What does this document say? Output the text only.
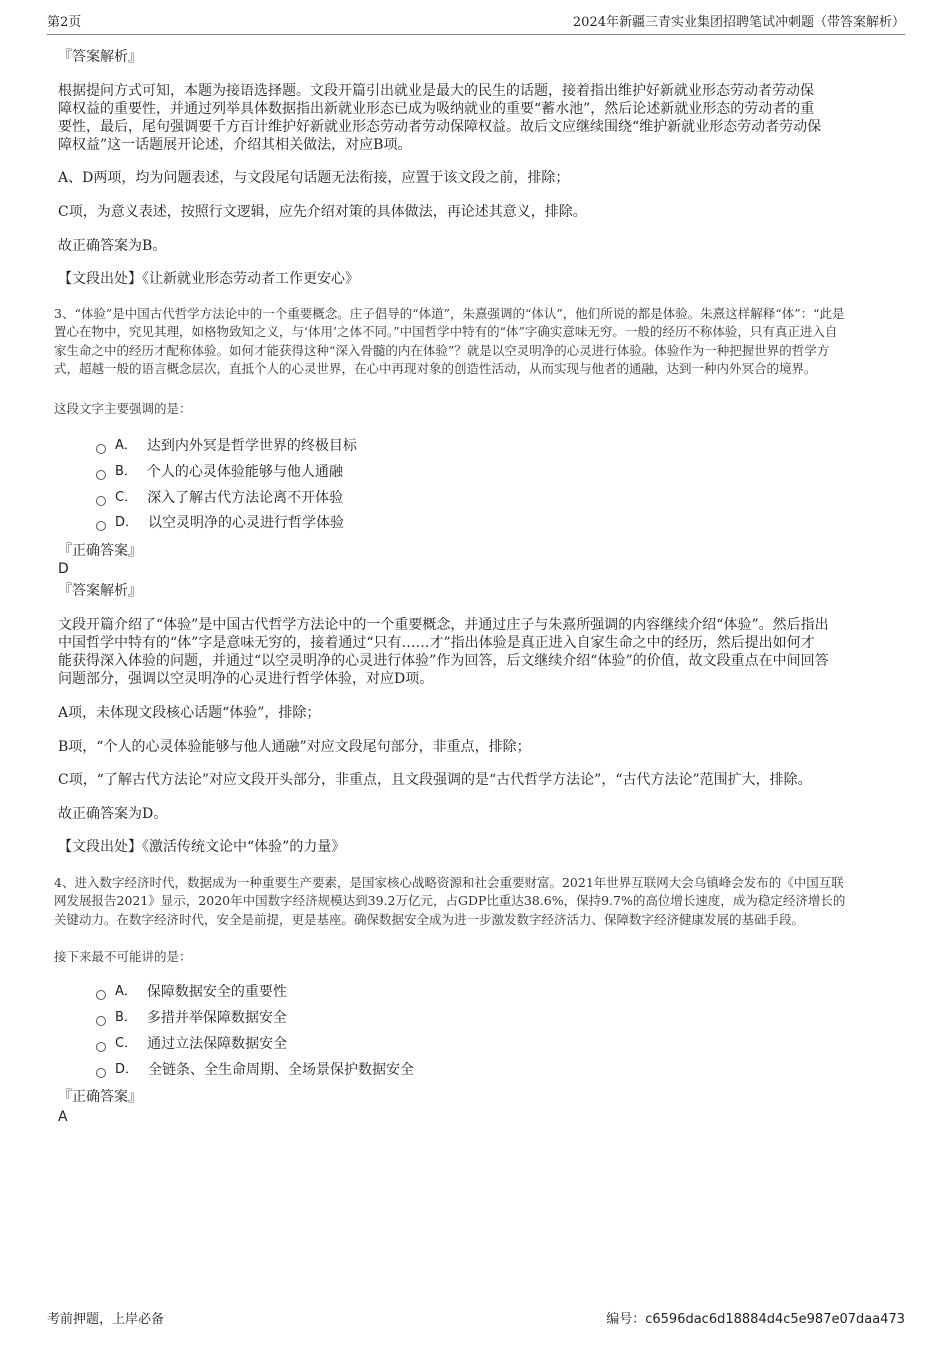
第2页	2024年新疆三青实业集团招聘笔试冲刺题（带答案解析）
『答案解析』
根据提问方式可知，本题为接语选择题。文段开篇引出就业是最大的民生的话题，接着指出维护好新就业形态劳动者劳动保
障权益的重要性，并通过列举具体数据指出新就业形态已成为吸纳就业的重要“蓄水池”，然后论述新就业形态的劳动者的重
要性，最后，尾句强调要千方百计维护好新就业形态劳动者劳动保障权益。故后文应继续围绕“维护新就业形态劳动者劳动保
障权益”这一话题展开论述，介绍其相关做法，对应B项。
A、D两项，均为问题表述，与文段尾句话题无法衔接，应置于该文段之前，排除；
C项，为意义表述，按照行文逻辑，应先介绍对策的具体做法，再论述其意义，排除。
故正确答案为B。
【文段出处】《让新就业形态劳动者工作更安心》
3、“体验”是中国古代哲学方法论中的一个重要概念。庄子倡导的“体道”，朱熹强调的“体认”，他们所说的都是体验。朱熹这样解释“体”：“此是
置心在物中，究见其理，如格物致知之义，与‘体用’之体不同。”中国哲学中特有的“体”字确实意味无穷。一般的经历不称体验，只有真正进入自
家生命之中的经历才配称体验。如何才能获得这种“深入骨髓的内在体验”？就是以空灵明净的心灵进行体验。体验作为一种把握世界的哲学方
式，超越一般的语言概念层次，直抵个人的心灵世界，在心中再现对象的创造性活动，从而实现与他者的通融，达到一种内外冥合的境界。
这段文字主要强调的是：
A． 达到内外冥是哲学世界的终极目标
B． 个人的心灵体验能够与他人通融
C． 深入了解古代方法论离不开体验
D． 以空灵明净的心灵进行哲学体验
『正确答案』
D
『答案解析』
文段开篇介绍了“体验”是中国古代哲学方法论中的一个重要概念，并通过庄子与朱熹所强调的内容继续介绍“体验”。然后指出
中国哲学中特有的“体”字是意味无穷的，接着通过“只有……才”指出体验是真正进入自家生命之中的经历，然后提出如何才
能获得深入体验的问题，并通过“以空灵明净的心灵进行体验”作为回答，后文继续介绍“体验”的价值，故文段重点在中间回答
问题部分，强调以空灵明净的心灵进行哲学体验，对应D项。
A项，未体现文段核心话题“体验”，排除；
B项，“个人的心灵体验能够与他人通融”对应文段尾句部分，非重点，排除；
C项，“了解古代方法论”对应文段开头部分，非重点，且文段强调的是“古代哲学方法论”，“古代方法论”范围扩大，排除。
故正确答案为D。
【文段出处】《激活传统文论中“体验”的力量》
4、进入数字经济时代，数据成为一种重要生产要素，是国家核心战略资源和社会重要财富。2021年世界互联网大会乌镇峰会发布的《中国互联
网发展报告2021》显示，2020年中国数字经济规模达到39.2万亿元，占GDP比重达38.6%，保持9.7%的高位增长速度，成为稳定经济增长的
关键动力。在数字经济时代，安全是前提，更是基座。确保数据安全成为进一步激发数字经济活力、保障数字经济健康发展的基础手段。
接下来最不可能讲的是：
A． 保障数据安全的重要性
B． 多措并举保障数据安全
C． 通过立法保障数据安全
D． 全链条、全生命周期、全场景保护数据安全
『正确答案』
A
考前押题，上岸必备	编号：c6596dac6d18884d4c5e987e07daa473
